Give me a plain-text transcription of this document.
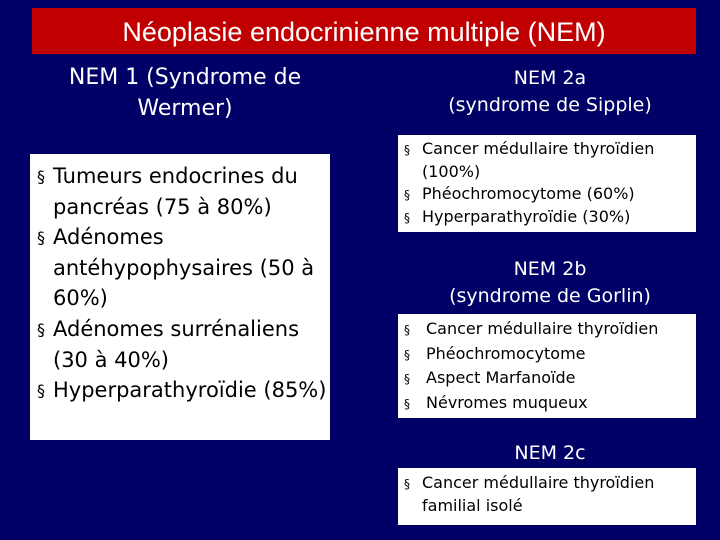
Néoplasie endocrinienne multiple (NEM)
NEM 1 (Syndrome de
Wermer)
§ Tumeurs endocrines du pancréas (75 à 80%)
§ Adénomes antéhypophysaires (50 à 60%)
§ Adénomes surrénaliens (30 à 40%)
§ Hyperparathyroïdie (85%)
NEM 2a
(syndrome de Sipple)
§ Cancer médullaire thyroïdien (100%)
§ Phéochromocytome (60%)
§ Hyperparathyroïdie (30%)
NEM 2b
(syndrome de Gorlin)
§ Cancer médullaire thyroïdien
§ Phéochromocytome
§ Aspect Marfanoïde
§ Névromes muqueux
NEM 2c
§ Cancer médullaire thyroïdien familial isolé
